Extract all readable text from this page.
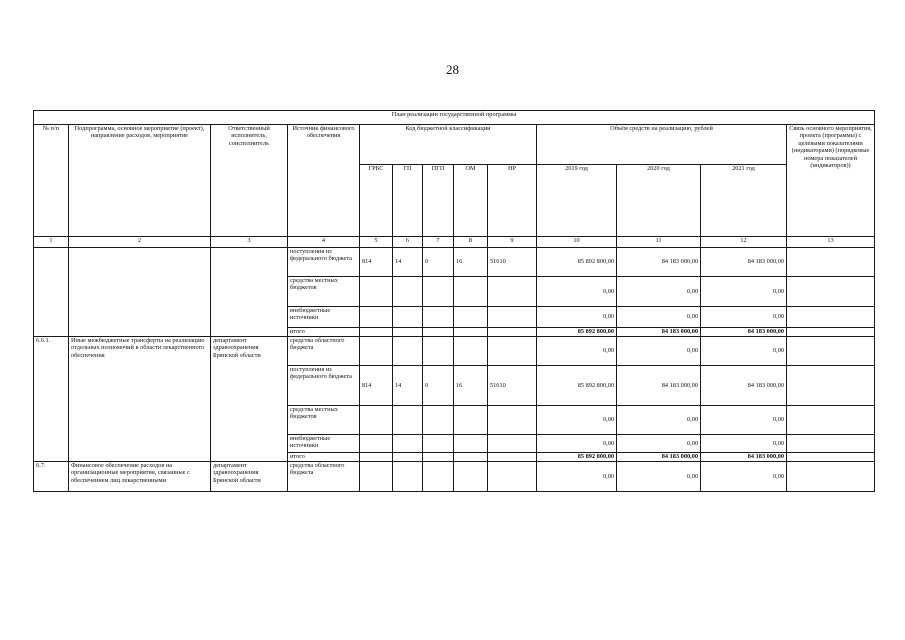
28
План реализации государственной программы												
№ п/п	Подпрограмма, основное мероприятие (проект), направление расходов, мероприятие	Ответственный исполнитель, соисполнитель	Источник финансового обеспечения	Код бюджетной классификации					Объём средств на реализацию, рублей			Связь основного мероприятия, проекта (программы) с целевыми показателями (индикаторами) (порядковые номера показателей (индикаторов))
				ГРБС	ГП	ПГП	ОМ	НР	2019 год	2020 год	2021 год	
1	2	3	4	5	6	7	8	9	10	11	12	13
			поступления из федерального бюджета	814	14	0	16	51610	85 892 800,00	84 183 000,00	84 183 000,00	
			средства местных бюджетов						0,00	0,00	0,00	
			внебюджетные источники						0,00	0,00	0,00	
			итого						85 892 800,00	84 183 000,00	84 183 000,00	
6.6.1.	Иные межбюджетные трансферты на реализацию отдельных полномочий в области лекарственного обеспечения	департамент здравоохранения Брянской области	средства областного бюджета						0,00	0,00	0,00	
			поступления из федерального бюджета	814	14	0	16	51610	85 892 800,00	84 183 000,00	84 183 000,00	
			средства местных бюджетов						0,00	0,00	0,00	
			внебюджетные источники						0,00	0,00	0,00	
			итого						85 892 800,00	84 183 000,00	84 183 000,00	
6.7.	Финансовое обеспечение расходов на организационные мероприятия, связанные с обеспечением лиц лекарственными	департамент здравоохранения Брянской области	средства областного бюджета						0,00	0,00	0,00	
